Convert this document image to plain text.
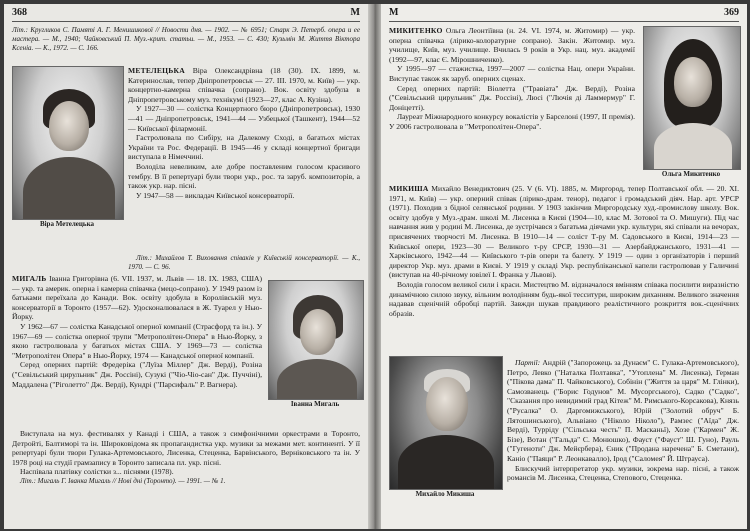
368	М

Літ.: Кругликов С. Памяті А. Г. Менишикової // Новости дня. — 1902. — № 6951; Старк Э. Петерб. опера и ее мастера. — М., 1940; Чайковський П. Муз.-крит. статьи. — М., 1953. — С. 430; Кузьмін М. Життя Віктора Ксеніа. — К., 1972. — С. 166.

Віра Метелецька

МЕТЕЛЕЦЬКА Віра Олександрівна (18 (30). IX. 1899, м. Катеринослав, тепер Дніпропетровськ — 27. III. 1970, м. Київ) — укр. концертно-камерна співачка (сопрано). Вок. освіту здобула в Дніпропетровському муз. технікумі (1923—27, клас А. Кузіна).

У 1927—30 — солістка Концертного бюро (Дніпропетровськ), 1930—41 — Дніпропетровськ, 1941—44 — Узбецької (Ташкент), 1944—52 — Київської філармонії.

Гастролювала по Сибіру, на Далекому Сході, в багатьох містах України та Рос. Федерації. В 1945—46 у складі концертної бригади виступала в Німеччині.

Володіла невеликим, але добре поставленим голосом красивого тембру. В її репертуарі були твори укр., рос. та заруб. композиторів, а також укр. нар. пісні.

У 1947—58 — викладач Київської консерваторії.

Літ.: Михайлов Т. Виховання співаків у Київській консерваторії. — К., 1970. — С. 96.

МИГАЛЬ Іванна Григорівна (6. VII. 1937, м. Львів — 18. IX. 1983, США) — укр. та америк. оперна і камерна співачка (мецо-сопрано). У 1949 разом із батьками переїхала до Канади. Вок. освіту здобула в Королівській муз. консерваторії в Торонто (1957—62). Удосконалювалася в Ж. Туарел у Нью-Йорку.

У 1962—67 — солістка Канадської оперної компанії (Страсфорд та ін.). У 1967—69 — солістка оперної трупи "Метрополітен-Опера" в Нью-Йорку, з якою гастролювала у багатьох містах США. У 1969—73 — солістка "Метрополітен Опера" в Нью-Йорку, 1974 — Канадської оперної компанії.

Серед оперних партій: Фредеріка ("Луїза Міллер" Дж. Верді), Розіна ("Севільський цирульник" Дж. Россіні), Сузукі ("Чіо-Чіо-сан" Дж. Пуччіні), Маддалена ("Ріголетто" Дж. Верді), Кундрі ("Парсифаль" Р. Вагнера).

Іванна Мигаль

Виступала на муз. фестивалях у Канаді і США, а також з симфонічними оркестрами в Торонто, Детройті, Балтиморі та ін. Широковідома як пропагандистка укр. музики за межами мет. континенті. У її репертуарі були твори Гулака-Артемовського, Лисенка, Стеценка, Барвінського, Верніковського та ін. У 1978 році на студії грамзапису в Торонто записала пл. укр. пісні.

Наспівала платівку солістки з... піснями (1978).

Літ.: Мигаль Г. Іванка Мигаль // Нові дні (Торонто). — 1991. — № 1.

М	369

МИКИТЕНКО Ольга Леонтіївна (н. 24. VI. 1974, м. Житомир) — укр. оперна співачка (лірико-колоратурне сопрано). Закін. Житомир. муз. училище, Київ, муз. училище. Вчилась 9 років в Укр. нац. муз. академії (1992—97, клас Є. Мірошниченко).

У 1995—97 — стажистка, 1997—2007 — солістка Нац. опери України. Виступає також як заруб. оперних сценах.

Серед оперних партій: Віолетта ("Травіата" Дж. Верді), Розіна ("Севільський цирульник" Дж. Россіні), Люсі ("Лючія ді Ламмермур" Г. Доніцетті).

Лауреат Міжнародного конкурсу вокалістів у Барселоні (1997, II премія). У 2006 гастролювала в "Метрополітен-Опера".

Ольга Микитенко

МИКИША Михайло Венедиктович (25. V (6. VI). 1885, м. Миргород, тепер Полтавської обл. — 20. XI. 1971, м. Київ) — укр. оперний співак (лірико-драм. тенор), педагог і громадський діяч. Нар. арт. УРСР (1971). Походив з бідної селянської родини. У 1903 закінчив Миргородську худ.-промислову школу. Вок. освіту здобув у Муз.-драм. школі М. Лисенка в Києві (1904—10, клас М. Зотової та О. Мишуги). Під час навчання жив у родині М. Лисенка, де зустрічався з багатьма діячами укр. культури, які співали на вечорах, присвячених творчості М. Лисенка. В 1910—14 — соліст Т-ру М. Садовського в Києві, 1914—23 — Київської опери, 1923—30 — Великого т-ру СРСР, 1930—31 — Азербайджанського, 1931—41 — Харківського, 1942—44 — Київського т-рів опери та балету. У 1919 — один з організаторів і перший директор Укр. муз. драми в Києві. У 1919 у складі Укр. республіканської капели гастролював у Галичині (виступав на 40-річному ювілеї І. Франка у Львові).

Володів голосом великої сили і краси. Мистецтво М. відзначалося вмінням співака посилити виразністю динамічною силою звуку, вільним володінням будь-якої тесситури, широким диханням. Великого значення надавав сценічній обробці партій. Завжди шукав правдивого реалістичного розкриття вок.-сценічних образів.

Михайло Микиша

Партії: Андрій ("Запорожець за Дунаєм" С. Гулака-Артемовського), Петро, Левко ("Наталка Полтавка", "Утоплена" М. Лисенка), Герман ("Пікова дама" П. Чайковського), Собінін ("Життя за царя" М. Глінки), Самозванець ("Борис Годунов" М. Мусоргського), Садко ("Садко", "Сказання про невидимий град Кітеж" М. Римського-Корсакова), Князь ("Русалка" О. Даргомижського), Юрій ("Золотий обруч" Б. Лятошинського), Альвіано ("Ніколо Ніколо"), Рамзес ("Аїда" Дж. Верді), Турріду ("Сільська честь" П. Масканьї), Хозе ("Кармен" Ж. Бізе), Вотан ("Гальда" С. Монюшко), Фауст ("Фауст" Ш. Гуно), Рауль ("Гугеноти" Дж. Мейєрбера), Єник ("Продана наречена" Б. Сметани), Каніо ("Паяци" Р. Леонкавалло), Ірод ("Саломея" Й. Штрауса).

Блискучий інтерпретатор укр. музики, зокрема нар. пісні, а також романсів М. Лисенка, Стеценка, Степового, Стеценка.
